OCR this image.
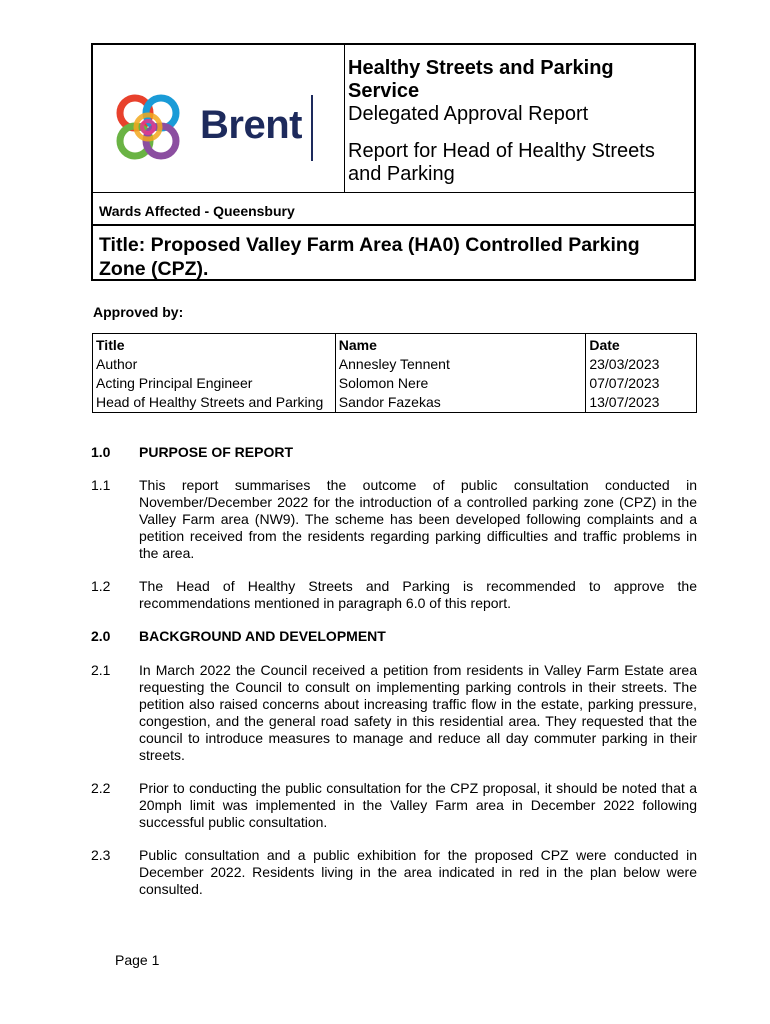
Brent
Healthy Streets and Parking Service
Delegated Approval Report
Report for Head of Healthy Streets and Parking
Wards Affected - Queensbury
Title: Proposed Valley Farm Area (HA0) Controlled Parking Zone (CPZ).
Approved by:
Title	Name	Date
Author	Annesley Tennent	23/03/2023
Acting Principal Engineer	Solomon Nere	07/07/2023
Head of Healthy Streets and Parking	Sandor Fazekas	13/07/2023
1.0	PURPOSE OF REPORT
1.1 This report summarises the outcome of public consultation conducted in November/December 2022 for the introduction of a controlled parking zone (CPZ) in the Valley Farm area (NW9). The scheme has been developed following complaints and a petition received from the residents regarding parking difficulties and traffic problems in the area.
1.2 The Head of Healthy Streets and Parking is recommended to approve the recommendations mentioned in paragraph 6.0 of this report.
2.0	BACKGROUND AND DEVELOPMENT
2.1 In March 2022 the Council received a petition from residents in Valley Farm Estate area requesting the Council to consult on implementing parking controls in their streets. The petition also raised concerns about increasing traffic flow in the estate, parking pressure, congestion, and the general road safety in this residential area. They requested that the council to introduce measures to manage and reduce all day commuter parking in their streets.
2.2 Prior to conducting the public consultation for the CPZ proposal, it should be noted that a 20mph limit was implemented in the Valley Farm area in December 2022 following successful public consultation.
2.3 Public consultation and a public exhibition for the proposed CPZ were conducted in December 2022. Residents living in the area indicated in red in the plan below were consulted.
Page 1
